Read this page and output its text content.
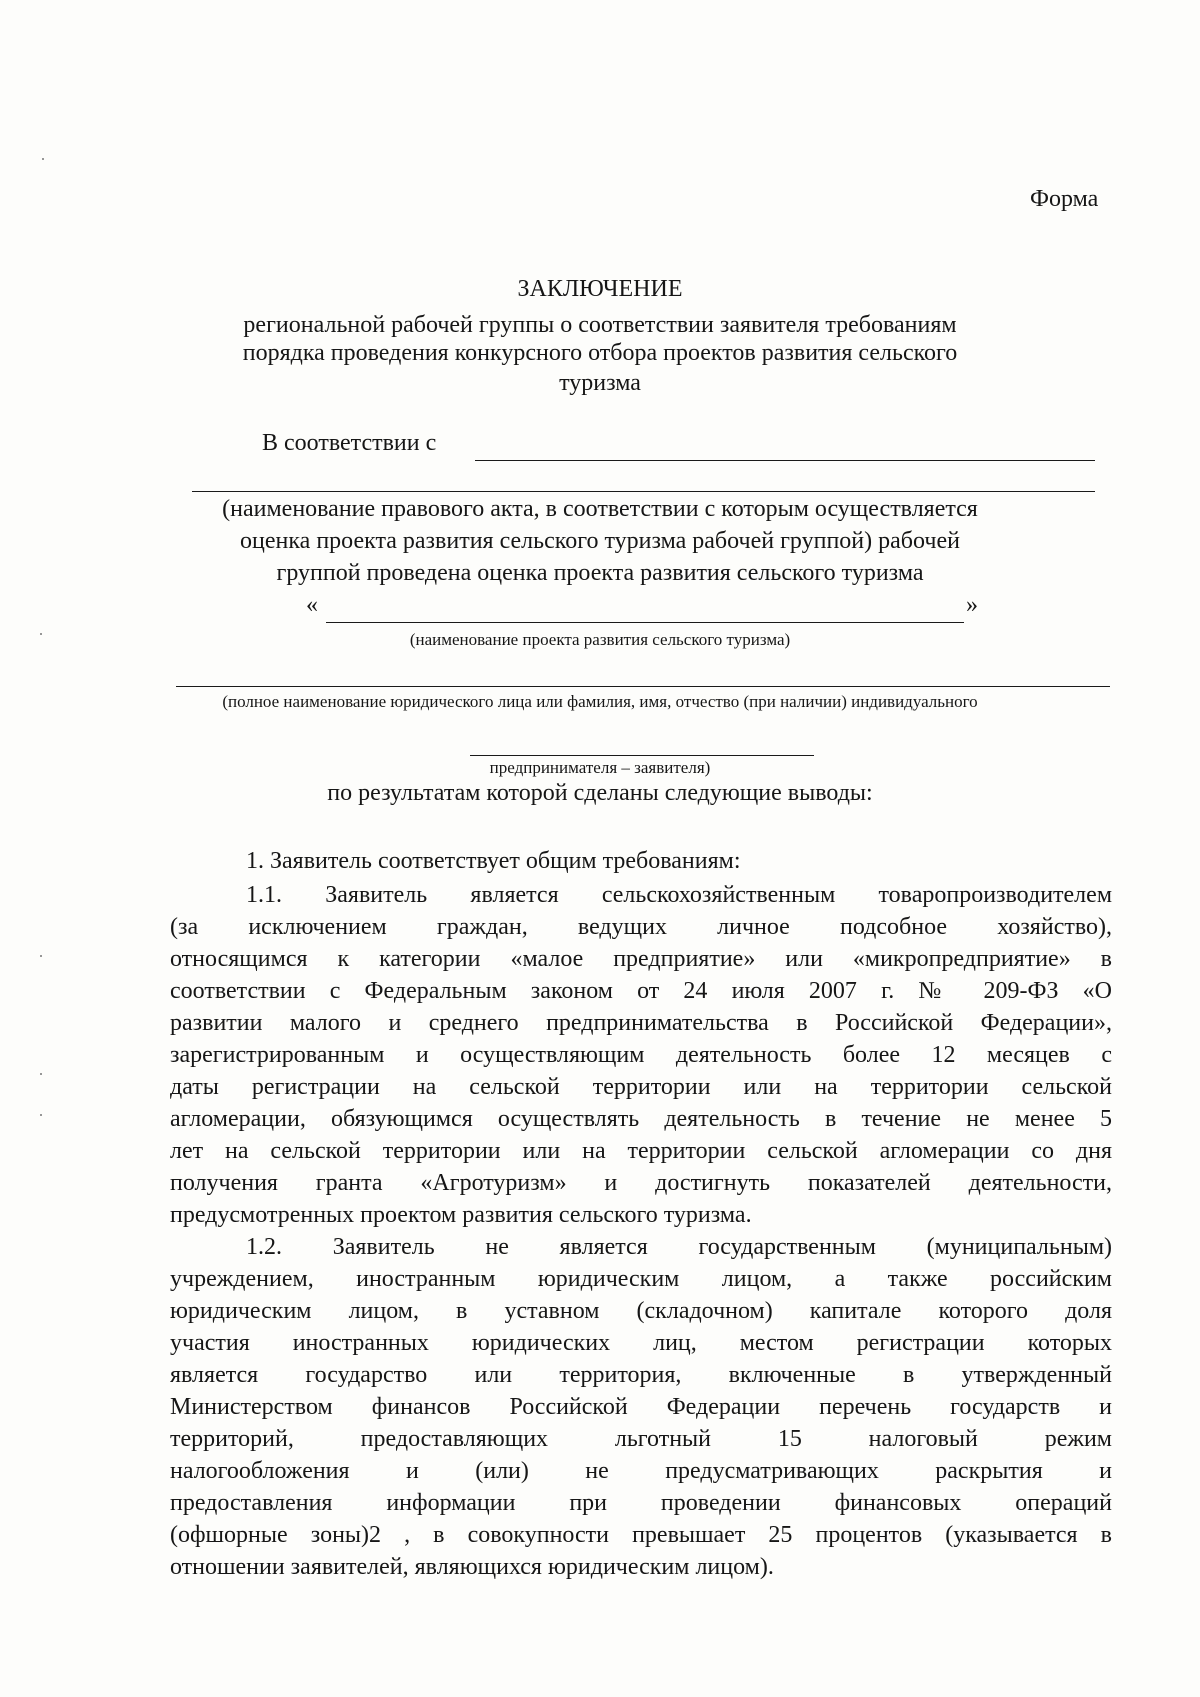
Форма
ЗАКЛЮЧЕНИЕ
региональной рабочей группы о соответствии заявителя требованиям
порядка проведения конкурсного отбора проектов развития сельского
туризма
В соответствии с
(наименование правового акта, в соответствии с которым осуществляется
оценка проекта развития сельского туризма рабочей группой) рабочей
группой проведена оценка проекта развития сельского туризма
«	»
(наименование проекта развития сельского туризма)
(полное наименование юридического лица или фамилия, имя, отчество (при наличии) индивидуального
предпринимателя – заявителя)
по результатам которой сделаны следующие выводы:
1. Заявитель соответствует общим требованиям:
1.1. Заявитель является сельскохозяйственным товаропроизводителем
(за исключением граждан, ведущих личное подсобное хозяйство),
относящимся к категории «малое предприятие» или «микропредприятие» в
соответствии с Федеральным законом от 24 июля 2007 г. № 209-ФЗ «О
развитии малого и среднего предпринимательства в Российской Федерации»,
зарегистрированным и осуществляющим деятельность более 12 месяцев с
даты регистрации на сельской территории или на территории сельской
агломерации, обязующимся осуществлять деятельность в течение не менее 5
лет на сельской территории или на территории сельской агломерации со дня
получения гранта «Агротуризм» и достигнуть показателей деятельности,
предусмотренных проектом развития сельского туризма.
1.2. Заявитель не является государственным (муниципальным)
учреждением, иностранным юридическим лицом, а также российским
юридическим лицом, в уставном (складочном) капитале которого доля
участия иностранных юридических лиц, местом регистрации которых
является государство или территория, включенные в утвержденный
Министерством финансов Российской Федерации перечень государств и
территорий, предоставляющих льготный 15 налоговый режим
налогообложения и (или) не предусматривающих раскрытия и
предоставления информации при проведении финансовых операций
(офшорные зоны)2 , в совокупности превышает 25 процентов (указывается в
отношении заявителей, являющихся юридическим лицом).
